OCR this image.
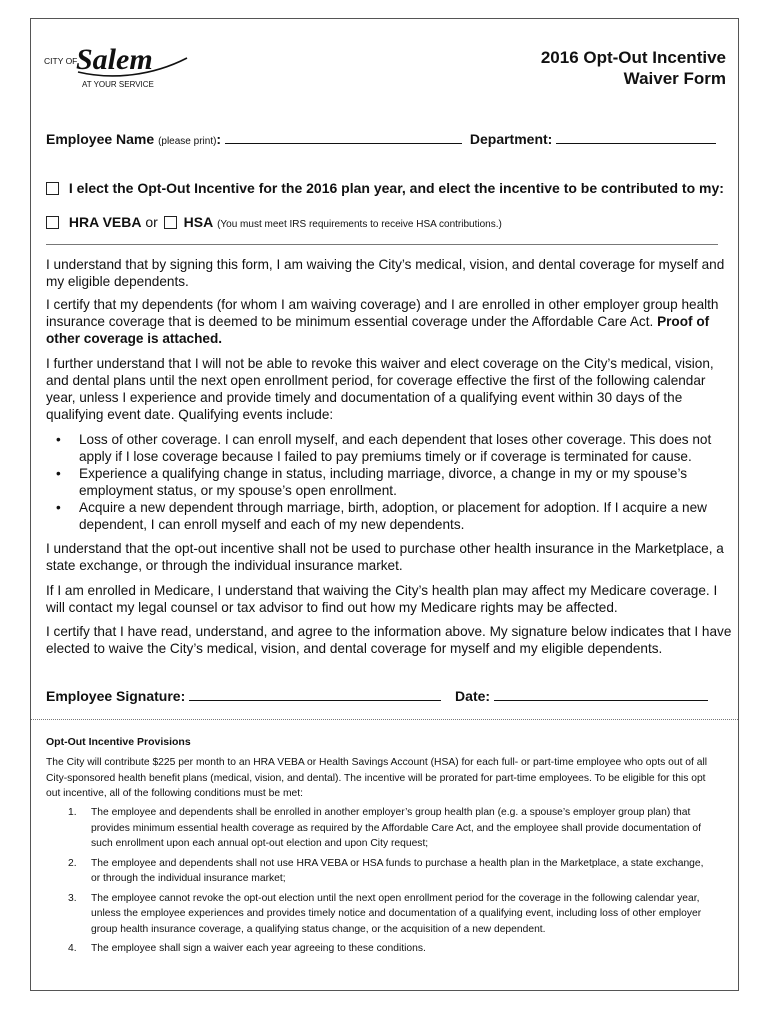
CITY OF
Salem
AT YOUR SERVICE
2016 Opt-Out Incentive
Waiver Form
Employee Name (please print):	Department:
I elect the Opt-Out Incentive for the 2016 plan year, and elect the incentive to be contributed to my:
HRA VEBA or HSA (You must meet IRS requirements to receive HSA contributions.)

I understand that by signing this form, I am waiving the City’s medical, vision, and dental coverage for myself and my eligible dependents.

I certify that my dependents (for whom I am waiving coverage) and I are enrolled in other employer group health insurance coverage that is deemed to be minimum essential coverage under the Affordable Care Act. Proof of other coverage is attached.

I further understand that I will not be able to revoke this waiver and elect coverage on the City’s medical, vision, and dental plans until the next open enrollment period, for coverage effective the first of the following calendar year, unless I experience and provide timely and documentation of a qualifying event within 30 days of the qualifying event date. Qualifying events include:

• Loss of other coverage. I can enroll myself, and each dependent that loses other coverage. This does not apply if I lose coverage because I failed to pay premiums timely or if coverage is terminated for cause.
• Experience a qualifying change in status, including marriage, divorce, a change in my or my spouse’s employment status, or my spouse’s open enrollment.
• Acquire a new dependent through marriage, birth, adoption, or placement for adoption. If I acquire a new dependent, I can enroll myself and each of my new dependents.

I understand that the opt-out incentive shall not be used to purchase other health insurance in the Marketplace, a state exchange, or through the individual insurance market.

If I am enrolled in Medicare, I understand that waiving the City’s health plan may affect my Medicare coverage. I will contact my legal counsel or tax advisor to find out how my Medicare rights may be affected.

I certify that I have read, understand, and agree to the information above. My signature below indicates that I have elected to waive the City’s medical, vision, and dental coverage for myself and my eligible dependents.

Employee Signature:	Date:
Opt-Out Incentive Provisions

The City will contribute $225 per month to an HRA VEBA or Health Savings Account (HSA) for each full- or part-time employee who opts out of all City-sponsored health benefit plans (medical, vision, and dental). The incentive will be prorated for part-time employees. To be eligible for this opt out incentive, all of the following conditions must be met:

1. The employee and dependents shall be enrolled in another employer’s group health plan (e.g. a spouse’s employer group plan) that provides minimum essential health coverage as required by the Affordable Care Act, and the employee shall provide documentation of such enrollment upon each annual opt-out election and upon City request;
2. The employee and dependents shall not use HRA VEBA or HSA funds to purchase a health plan in the Marketplace, a state exchange, or through the individual insurance market;
3. The employee cannot revoke the opt-out election until the next open enrollment period for the coverage in the following calendar year, unless the employee experiences and provides timely notice and documentation of a qualifying event, including loss of other employer group health insurance coverage, a qualifying status change, or the acquisition of a new dependent.
4. The employee shall sign a waiver each year agreeing to these conditions.
